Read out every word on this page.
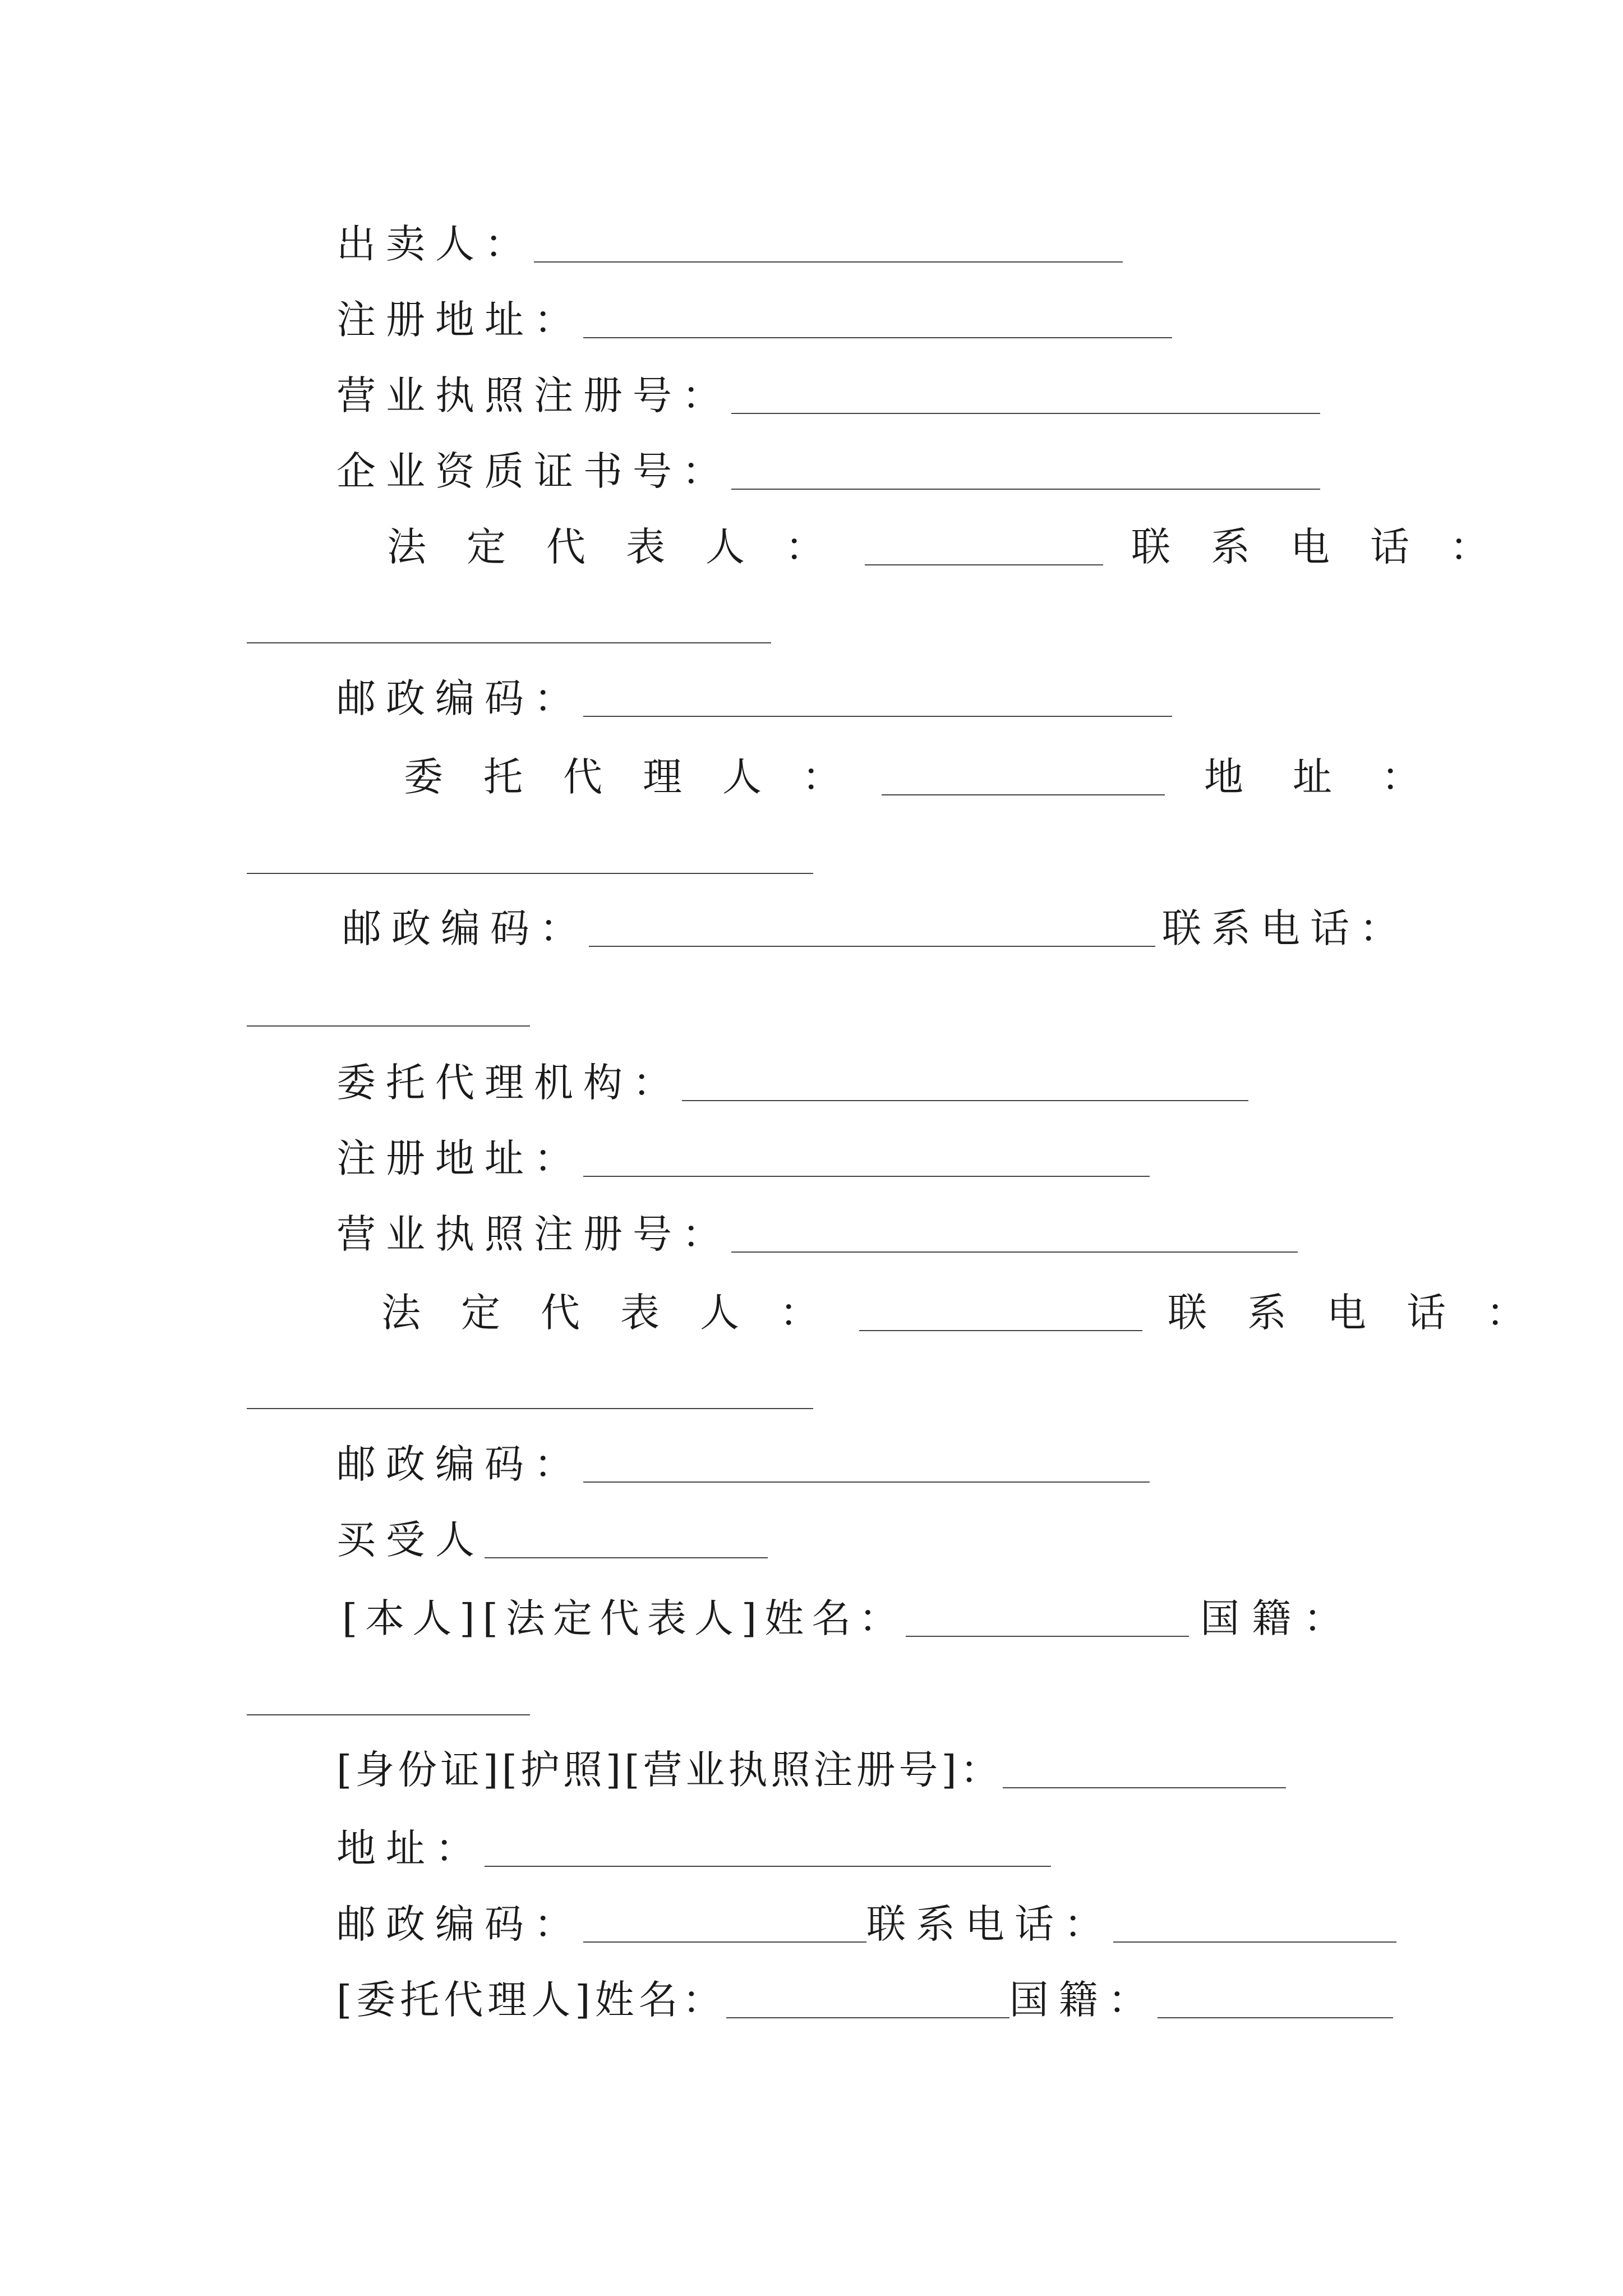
出卖人：
注册地址：
营业执照注册号：
企业资质证书号：
法定代表人：	联系电话：
邮政编码：
委托代理人：	地址：
邮政编码：	联系电话：
委托代理机构：
注册地址：
营业执照注册号：
法定代表人：	联系电话：
邮政编码：
买受人
[本人][法定代表人]姓名：	国籍：
[身份证][护照][营业执照注册号]：
地址：
邮政编码：	联系电话：
[委托代理人]姓名：	国籍：
